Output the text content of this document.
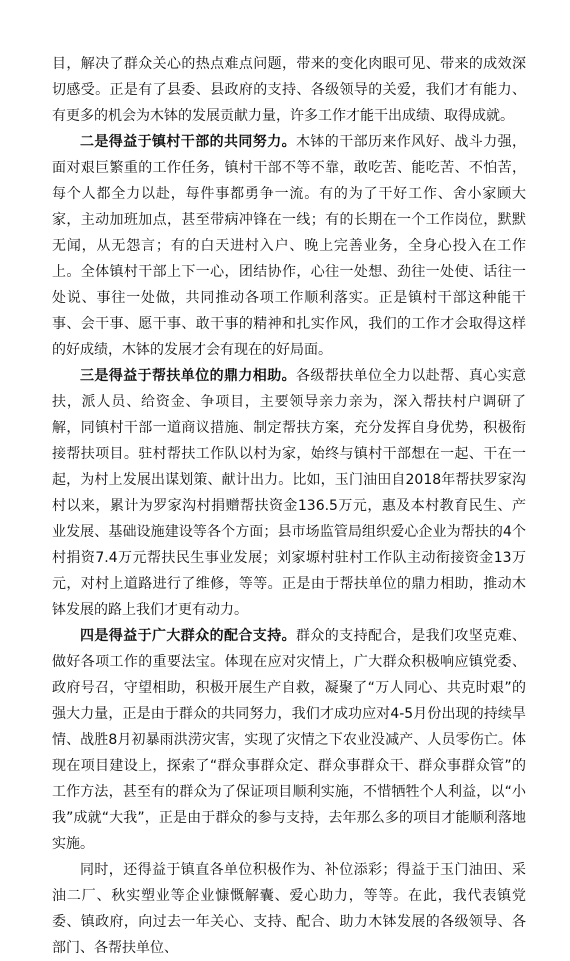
目，解决了群众关心的热点难点问题，带来的变化肉眼可见、带来的成效深切感受。正是有了县委、县政府的支持、各级领导的关爱，我们才有能力、有更多的机会为木钵的发展贡献力量，许多工作才能干出成绩、取得成就。

二是得益于镇村干部的共同努力。木钵的干部历来作风好、战斗力强，面对艰巨繁重的工作任务，镇村干部不等不靠，敢吃苦、能吃苦、不怕苦，每个人都全力以赴，每件事都勇争一流。有的为了干好工作、舍小家顾大家，主动加班加点，甚至带病冲锋在一线；有的长期在一个工作岗位，默默无闻，从无怨言；有的白天进村入户、晚上完善业务，全身心投入在工作上。全体镇村干部上下一心，团结协作，心往一处想、劲往一处使、话往一处说、事往一处做，共同推动各项工作顺利落实。正是镇村干部这种能干事、会干事、愿干事、敢干事的精神和扎实作风，我们的工作才会取得这样的好成绩，木钵的发展才会有现在的好局面。

三是得益于帮扶单位的鼎力相助。各级帮扶单位全力以赴帮、真心实意扶，派人员、给资金、争项目，主要领导亲力亲为，深入帮扶村户调研了解，同镇村干部一道商议措施、制定帮扶方案，充分发挥自身优势，积极衔接帮扶项目。驻村帮扶工作队以村为家，始终与镇村干部想在一起、干在一起，为村上发展出谋划策、献计出力。比如，玉门油田自2018年帮扶罗家沟村以来，累计为罗家沟村捐赠帮扶资金136.5万元，惠及本村教育民生、产业发展、基础设施建设等各个方面；县市场监管局组织爱心企业为帮扶的4个村捐资7.4万元帮扶民生事业发展；刘家塬村驻村工作队主动衔接资金13万元，对村上道路进行了维修，等等。正是由于帮扶单位的鼎力相助，推动木钵发展的路上我们才更有动力。

四是得益于广大群众的配合支持。群众的支持配合，是我们攻坚克难、做好各项工作的重要法宝。体现在应对灾情上，广大群众积极响应镇党委、政府号召，守望相助，积极开展生产自救，凝聚了“万人同心、共克时艰”的强大力量，正是由于群众的共同努力，我们才成功应对4-5月份出现的持续旱情、战胜8月初暴雨洪涝灾害，实现了灾情之下农业没减产、人员零伤亡。体现在项目建设上，探索了“群众事群众定、群众事群众干、群众事群众管”的工作方法，甚至有的群众为了保证项目顺利实施，不惜牺牲个人利益，以“小我”成就“大我”，正是由于群众的参与支持，去年那么多的项目才能顺利落地实施。

同时，还得益于镇直各单位积极作为、补位添彩；得益于玉门油田、采油二厂、秋实塑业等企业慷慨解囊、爱心助力，等等。在此，我代表镇党委、镇政府，向过去一年关心、支持、配合、助力木钵发展的各级领导、各部门、各帮扶单位、
